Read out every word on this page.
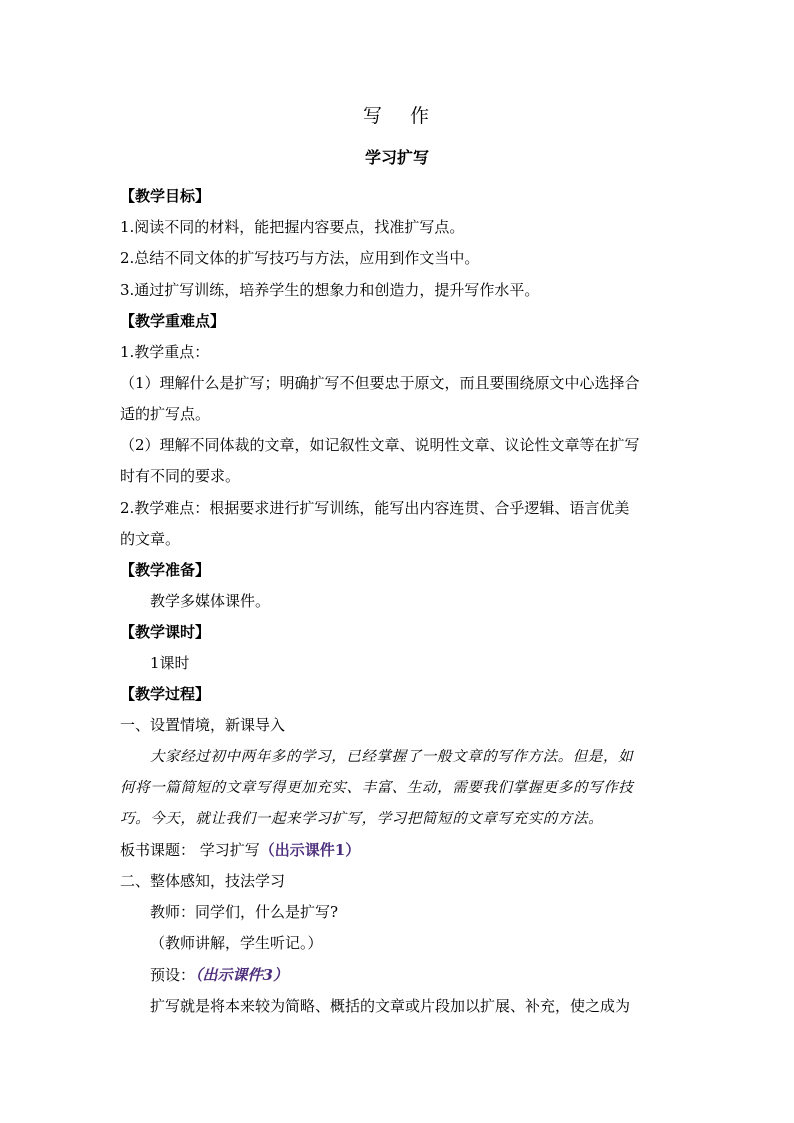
写 作
学习扩写
【教学目标】
1.阅读不同的材料，能把握内容要点，找准扩写点。
2.总结不同文体的扩写技巧与方法，应用到作文当中。
3.通过扩写训练，培养学生的想象力和创造力，提升写作水平。
【教学重难点】
1.教学重点：
（1）理解什么是扩写；明确扩写不但要忠于原文，而且要围绕原文中心选择合
适的扩写点。
（2）理解不同体裁的文章，如记叙性文章、说明性文章、议论性文章等在扩写
时有不同的要求。
2.教学难点：根据要求进行扩写训练，能写出内容连贯、合乎逻辑、语言优美
的文章。
【教学准备】
教学多媒体课件。
【教学课时】
1课时
【教学过程】
一、设置情境，新课导入
大家经过初中两年多的学习，已经掌握了一般文章的写作方法。但是，如
何将一篇简短的文章写得更加充实、丰富、生动，需要我们掌握更多的写作技
巧。今天，就让我们一起来学习扩写，学习把简短的文章写充实的方法。
板书课题： 学习扩写（出示课件1）
二、整体感知，技法学习
教师：同学们，什么是扩写?
（教师讲解，学生听记。）
预设：（出示课件3）
扩写就是将本来较为简略、概括的文章或片段加以扩展、补充，使之成为
